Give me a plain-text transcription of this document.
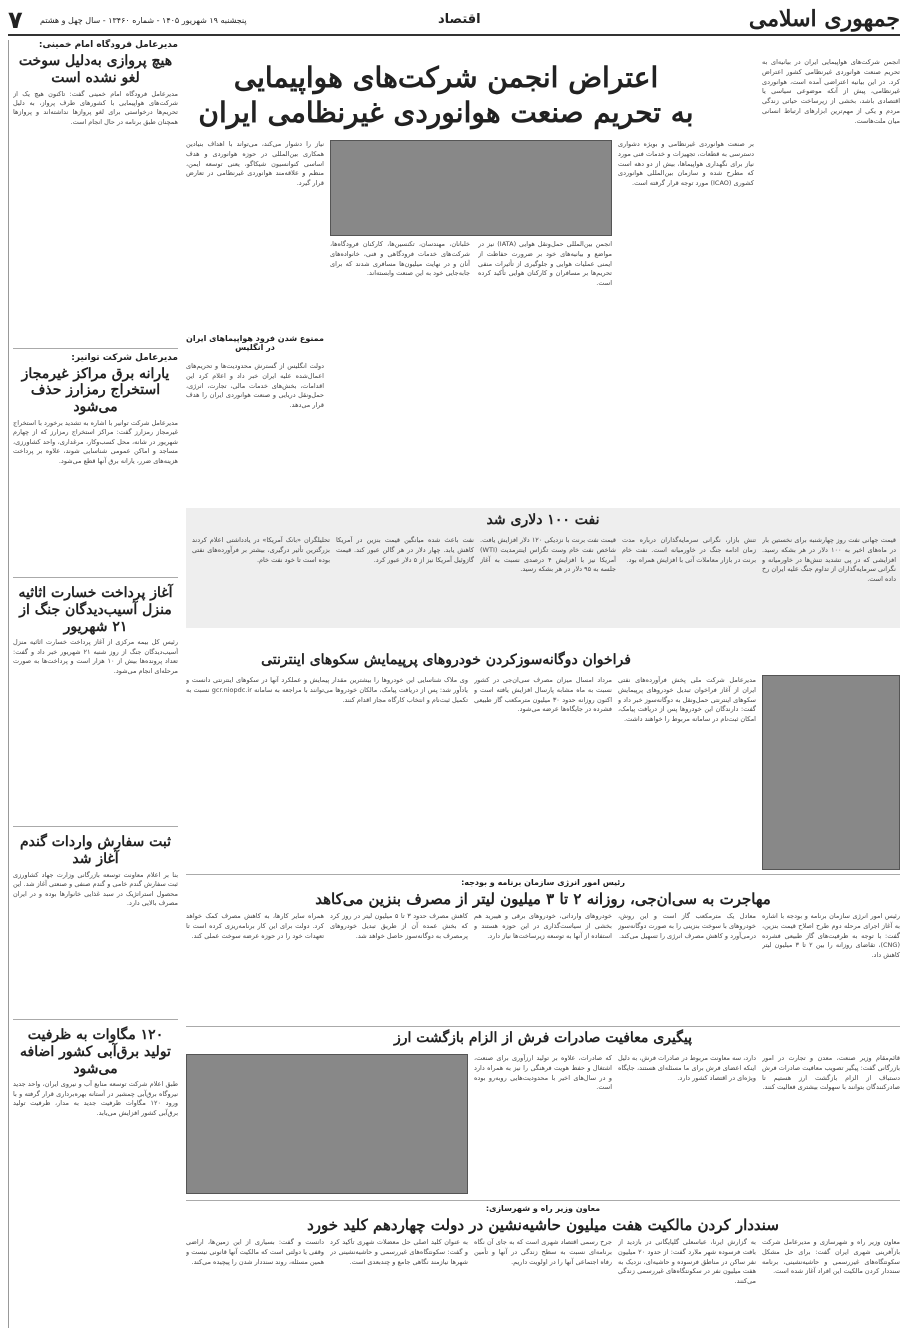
جمهوری اسلامی
اقتصاد
پنجشنبه ۱۹ شهریور ۱۴۰۵ - شماره ۱۳۴۶۰ - سال چهل و هشتم
۷
اعتراض انجمن شرکت‌های هواپیمایی
به تحریم صنعت هوانوردی غیرنظامی ایران
انجمن شرکت‌های هواپیمایی ایران در بیانیه‌ای به تحریم صنعت هوانوردی غیرنظامی کشور اعتراض کرد. در این بیانیه اعتراضی آمده است، هوانوردی غیرنظامی، پیش از آنکه موضوعی سیاسی یا اقتصادی باشد، بخشی از زیرساخت حیاتی زندگی مردم و یکی از مهم‌ترین ابزارهای ارتباط انسانی میان ملت‌هاست.
بر صنعت هوانوردی غیرنظامی و بویژه دشواری دسترسی به قطعات، تجهیزات و خدمات فنی مورد نیاز برای نگهداری هواپیماها، بیش از دو دهه است که مطرح شده و سازمان بین‌المللی هوانوردی کشوری (ICAO) مورد توجه قرار گرفته است.
انجمن بین‌المللی حمل‌ونقل هوایی (IATA) نیز در مواضع و بیانیه‌های خود بر ضرورت حفاظت از ایمنی عملیات هوایی و جلوگیری از تأثیرات منفی تحریم‌ها بر مسافران و کارکنان هوایی تأکید کرده است.
نیاز را دشوار می‌کند، می‌تواند با اهداف بنیادین همکاری بین‌المللی در حوزه هوانوردی و هدف اساسی کنوانسیون شیکاگو، یعنی توسعه ایمن، منظم و علاقه‌مند هوانوردی غیرنظامی در تعارض قرار گیرد.
خلبانان، مهندسان، تکنسین‌ها، کارکنان فرودگاه‌ها، شرکت‌های خدمات فرودگاهی و فنی، خانواده‌های آنان و در نهایت میلیون‌ها مسافری شدند که برای جابه‌جایی خود به این صنعت وابسته‌اند.
ممنوع شدن فرود هواپیماهای ایران در انگلیس
دولت انگلیس از گسترش محدودیت‌ها و تحریم‌های اعمال‌شده علیه ایران خبر داد و اعلام کرد این اقدامات، بخش‌های خدمات مالی، تجارت، انرژی، حمل‌ونقل دریایی و صنعت هوانوردی ایران را هدف قرار می‌دهد.
نفت ۱۰۰ دلاری شد
قیمت جهانی نفت روز چهارشنبه برای نخستین بار در ماه‌های اخیر به ۱۰۰ دلار در هر بشکه رسید. افزایشی که در پی تشدید تنش‌ها در خاورمیانه و نگرانی سرمایه‌گذاران از تداوم جنگ علیه ایران رخ داده است.
تنش بازار، نگرانی سرمایه‌گذاران درباره مدت زمان ادامه جنگ در خاورمیانه است. نفت خام برنت در بازار معاملات آتی با افزایش همراه بود.
قیمت نفت برنت با نزدیکی ۱۲۰ دلار افزایش یافت. شاخص نفت خام وست تگزاس اینترمدیت (WTI) آمریکا نیز با افزایش ۴ درصدی نسبت به آغاز جلسه به ۹۵ دلار در هر بشکه رسید.
نفت باعث شده میانگین قیمت بنزین در آمریکا کاهش یابد. چهار دلار در هر گالن عبور کند. قیمت گازوئیل آمریکا نیز از ۵ دلار عبور کرد.
تحلیلگران «بانک آمریکا» در یادداشتی اعلام کردند بزرگترین تأثیر درگیری، بیشتر بر فرآورده‌های نفتی بوده است تا خود نفت خام.
فراخوان دوگانه‌سوزکردن خودروهای پرپیمایش سکوهای اینترنتی
مدیرعامل شرکت ملی پخش فرآورده‌های نفتی ایران از آغاز فراخوان تبدیل خودروهای پرپیمایش سکوهای اینترنتی حمل‌ونقل به دوگانه‌سوز خبر داد و گفت: دارندگان این خودروها پس از دریافت پیامک، امکان ثبت‌نام در سامانه مربوط را خواهند داشت.
مرداد امسال میزان مصرف سی‌ان‌جی در کشور نسبت به ماه مشابه پارسال افزایش یافته است و اکنون روزانه حدود ۳۰ میلیون مترمکعب گاز طبیعی فشرده در جایگاه‌ها عرضه می‌شود.
وی ملاک شناسایی این خودروها را بیشترین مقدار پیمایش و عملکرد آنها در سکوهای اینترنتی دانست و یادآور شد: پس از دریافت پیامک، مالکان خودروها می‌توانند با مراجعه به سامانه gcr.niopdc.ir نسبت به تکمیل ثبت‌نام و انتخاب کارگاه مجاز اقدام کنند.
رئیس امور انرژی سازمان برنامه و بودجه:
مهاجرت به سی‌ان‌جی، روزانه ۲ تا ۳ میلیون لیتر از مصرف بنزین می‌کاهد
رئیس امور انرژی سازمان برنامه و بودجه با اشاره به آغاز اجرای مرحله دوم طرح اصلاح قیمت بنزین، گفت: با توجه به ظرفیت‌های گاز طبیعی فشرده (CNG)، تقاضای روزانه را بین ۲ تا ۳ میلیون لیتر کاهش داد.
معادل یک مترمکعب گاز است و این روش، خودروهای با سوخت بنزینی را به صورت دوگانه‌سوز درمی‌آورد و کاهش مصرف انرژی را تسهیل می‌کند.
خودروهای وارداتی، خودروهای برقی و هیبرید هم بخشی از سیاست‌گذاری در این حوزه هستند و استفاده از آنها به توسعه زیرساخت‌ها نیاز دارد.
کاهش مصرف حدود ۳ تا ۵ میلیون لیتر در روز کرد که بخش عمده آن از طریق تبدیل خودروهای پرمصرف به دوگانه‌سوز حاصل خواهد شد.
همراه سایر کارها، به کاهش مصرف کمک خواهد کرد. دولت برای این کار برنامه‌ریزی کرده است تا تعهدات خود را در حوزه عرضه سوخت عملی کند.
پیگیری معافیت صادرات فرش از الزام بازگشت ارز
قائم‌مقام وزیر صنعت، معدن و تجارت در امور بازرگانی گفت: پیگیر تصویب معافیت صادرات فرش دستباف از الزام بازگشت ارز هستیم تا صادرکنندگان بتوانند با سهولت بیشتری فعالیت کنند.
دارد، سه معاونت مربوط در صادرات فرش، به دلیل اینکه اعضای فرش برای ما مسئله‌ای هستند، جایگاه ویژه‌ای در اقتصاد کشور دارد.
که صادرات، علاوه بر تولید ارزآوری برای صنعت، اشتغال و حفظ هویت فرهنگی را نیز به همراه دارد و در سال‌های اخیر با محدودیت‌هایی روبه‌رو بوده است.
معاون وزیر راه و شهرسازی:
سنددار کردن مالکیت هفت میلیون حاشیه‌نشین در دولت چهاردهم کلید خورد
معاون وزیر راه و شهرسازی و مدیرعامل شرکت بازآفرینی شهری ایران گفت: برای حل مشکل سکونتگاه‌های غیررسمی و حاشیه‌نشینی، برنامه سنددار کردن مالکیت این افراد آغاز شده است.
به گزارش ایرنا، عباسعلی گلپایگانی در بازدید از بافت فرسوده شهر ملارد گفت: از حدود ۲۰ میلیون نفر ساکن در مناطق فرسوده و حاشیه‌ای، نزدیک به هفت میلیون نفر در سکونتگاه‌های غیررسمی زندگی می‌کنند.
جرح رسمی اقتصاد شهری است که به جای آن نگاه برنامه‌ای نسبت به سطح زندگی در آنها و تأمین رفاه اجتماعی آنها را در اولویت داریم.
به عنوان کلید اصلی حل معضلات شهری تأکید کرد و گفت: سکونتگاه‌های غیررسمی و حاشیه‌نشینی در شهرها نیازمند نگاهی جامع و چندبعدی است.
دانست و گفت: بسیاری از این زمین‌ها، اراضی وقفی یا دولتی است که مالکیت آنها قانونی نیست و همین مسئله، روند سنددار شدن را پیچیده می‌کند.
مدیرعامل فرودگاه امام خمینی:
هیچ پروازی به‌دلیل سوخت لغو نشده است
مدیرعامل فرودگاه امام خمینی گفت: تاکنون هیچ یک از شرکت‌های هواپیمایی با کشورهای طرف پرواز، به دلیل تحریم‌ها درخواستی برای لغو پروازها نداشته‌اند و پروازها همچنان طبق برنامه در حال انجام است.
مدیرعامل شرکت توانیر:
یارانه برق مراکز غیرمجاز استخراج رمزارز حذف می‌شود
مدیرعامل شرکت توانیر با اشاره به تشدید برخورد با استخراج غیرمجاز رمزارز گفت: مراکز استخراج رمزارز که از چهارم شهریور در شانه، محل کسب‌وکار، مرغداری، واحد کشاورزی، مساجد و اماکن عمومی شناسایی شوند، علاوه بر پرداخت هزینه‌های ضرر، یارانه برق آنها قطع می‌شود.
آغاز پرداخت خسارت اثاثیه منزل آسیب‌دیدگان جنگ از ۲۱ شهریور
رئیس کل بیمه مرکزی از آغاز پرداخت خسارت اثاثیه منزل آسیب‌دیدگان جنگ از روز شنبه ۲۱ شهریور خبر داد و گفت: تعداد پرونده‌ها بیش از ۱۰ هزار است و پرداخت‌ها به صورت مرحله‌ای انجام می‌شود.
ثبت سفارش واردات گندم آغاز شد
بنا بر اعلام معاونت توسعه بازرگانی وزارت جهاد کشاورزی ثبت سفارش گندم خامی و گندم صنفی و صنعتی آغاز شد. این محصول استراتژیک در سبد غذایی خانوارها بوده و در ایران مصرف بالایی دارد.
۱۲۰ مگاوات به ظرفیت تولید برق‌آبی کشور اضافه می‌شود
طبق اعلام شرکت توسعه منابع آب و نیروی ایران، واحد جدید نیروگاه برق‌آبی چمشیر در آستانه بهره‌برداری قرار گرفته و با ورود ۱۲۰ مگاوات ظرفیت جدید به مدار، ظرفیت تولید برق‌آبی کشور افزایش می‌یابد.
